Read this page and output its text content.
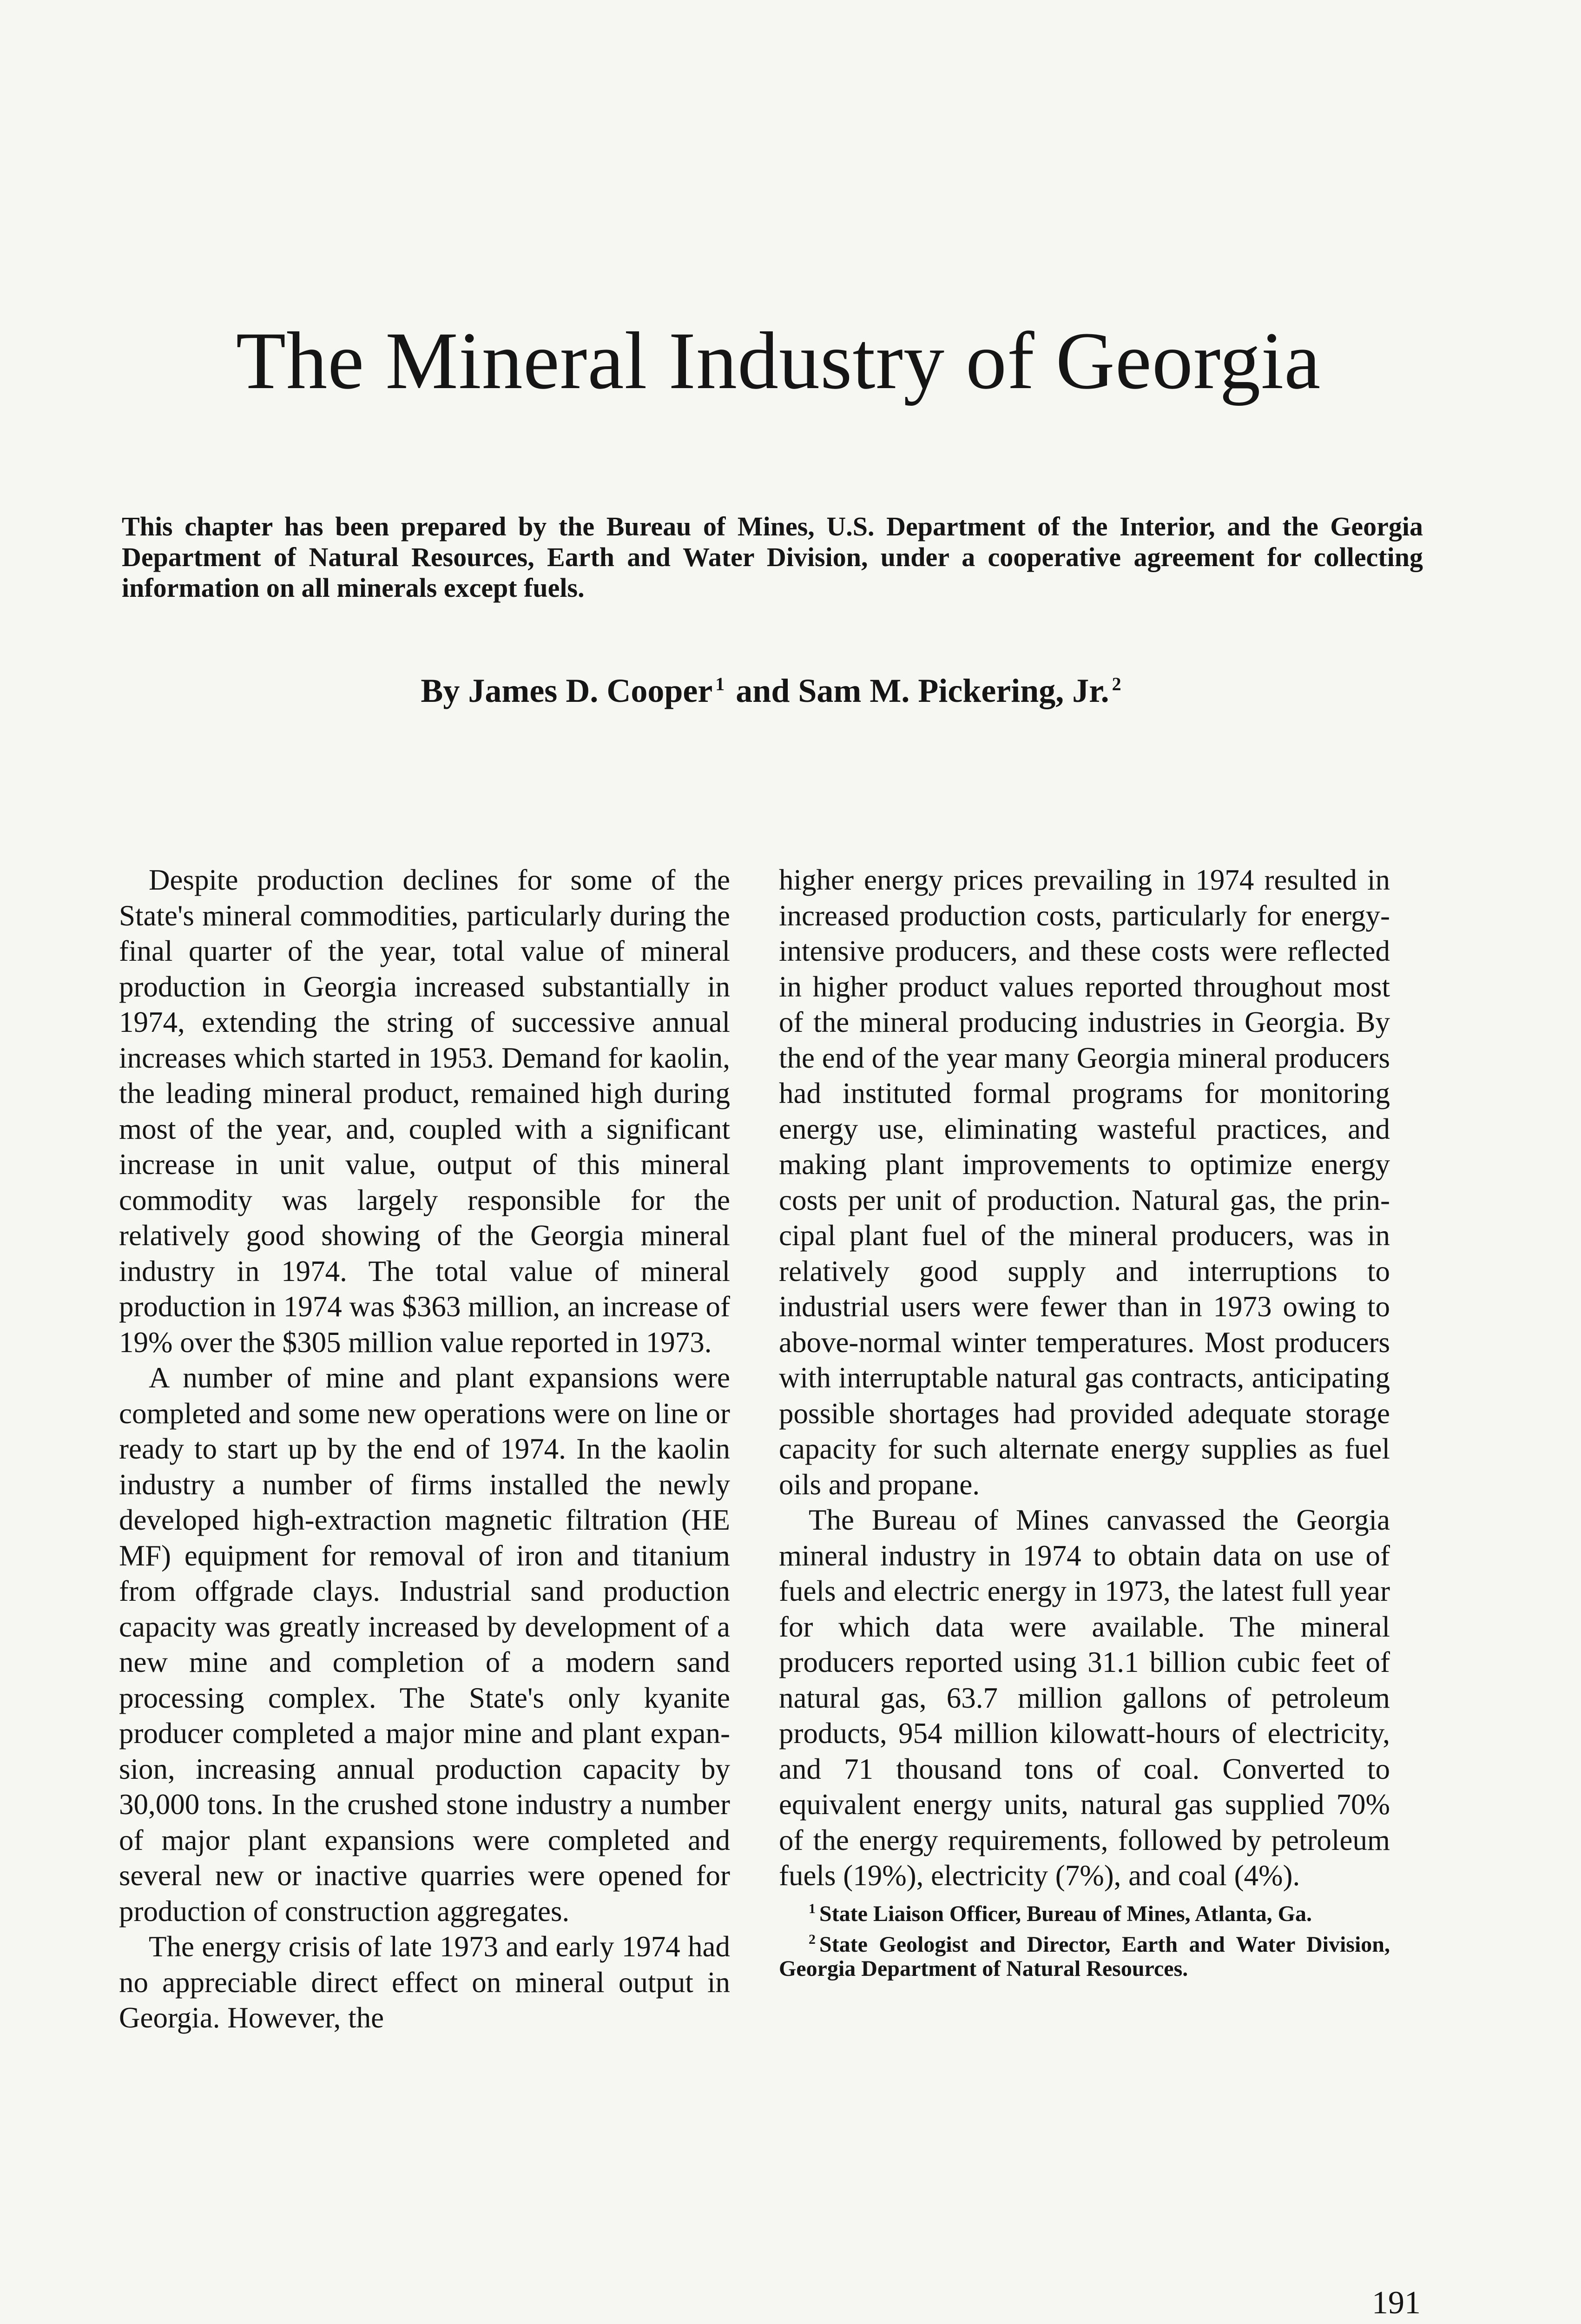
The Mineral Industry of Georgia

This chapter has been prepared by the Bureau of Mines, U.S. Department of the Interior, and the Georgia Department of Natural Resources, Earth and Water Division, under a cooperative agreement for collecting information on all minerals except fuels.

By James D. Cooper $^1$ and Sam M. Pickering, Jr. $^2$

Despite production declines for some of the State's mineral commodities, particularly during the final quarter of the year, total value of mineral production in Georgia increased substantially in 1974, extending the string of successive annual increases which started in 1953. Demand for kaolin, the leading mineral product, remained high during most of the year, and, coupled with a significant increase in unit value, output of this mineral commodity was largely responsible for the relatively good showing of the Georgia mineral industry in 1974. The total value of mineral production in 1974 was $363 million, an increase of 19% over the $305 million value reported in 1973.

A number of mine and plant expansions were completed and some new operations were on line or ready to start up by the end of 1974. In the kaolin industry a number of firms installed the newly developed high-extraction magnetic filtration (HE MF) equipment for removal of iron and titanium from offgrade clays. Industrial sand production capacity was greatly increased by development of a new mine and completion of a modern sand processing complex. The State's only kyanite producer completed a major mine and plant expansion, increasing annual production capacity by 30,000 tons. In the crushed stone industry a number of major plant expansions were completed and several new or inactive quarries were opened for production of construction aggregates.

The energy crisis of late 1973 and early 1974 had no appreciable direct effect on mineral output in Georgia. However, the

higher energy prices prevailing in 1974 resulted in increased production costs, particularly for energy-intensive producers, and these costs were reflected in higher product values reported throughout most of the mineral producing industries in Georgia. By the end of the year many Georgia mineral producers had instituted formal programs for monitoring energy use, eliminating wasteful practices, and making plant improvements to optimize energy costs per unit of production. Natural gas, the principal plant fuel of the mineral producers, was in relatively good supply and interruptions to industrial users were fewer than in 1973 owing to above-normal winter temperatures. Most producers with interruptable natural gas contracts, anticipating possible shortages had provided adequate storage capacity for such alternate energy supplies as fuel oils and propane.

The Bureau of Mines canvassed the Georgia mineral industry in 1974 to obtain data on use of fuels and electric energy in 1973, the latest full year for which data were available. The mineral producers reported using 31.1 billion cubic feet of natural gas, 63.7 million gallons of petroleum products, 954 million kilowatt-hours of electricity, and 71 thousand tons of coal. Converted to equivalent energy units, natural gas supplied 70% of the energy requirements, followed by petroleum fuels (19%), electricity (7%), and coal (4%).

$^1$ State Liaison Officer, Bureau of Mines, Atlanta, Ga.

$^2$ State Geologist and Director, Earth and Water Division, Georgia Department of Natural Resources.

191
